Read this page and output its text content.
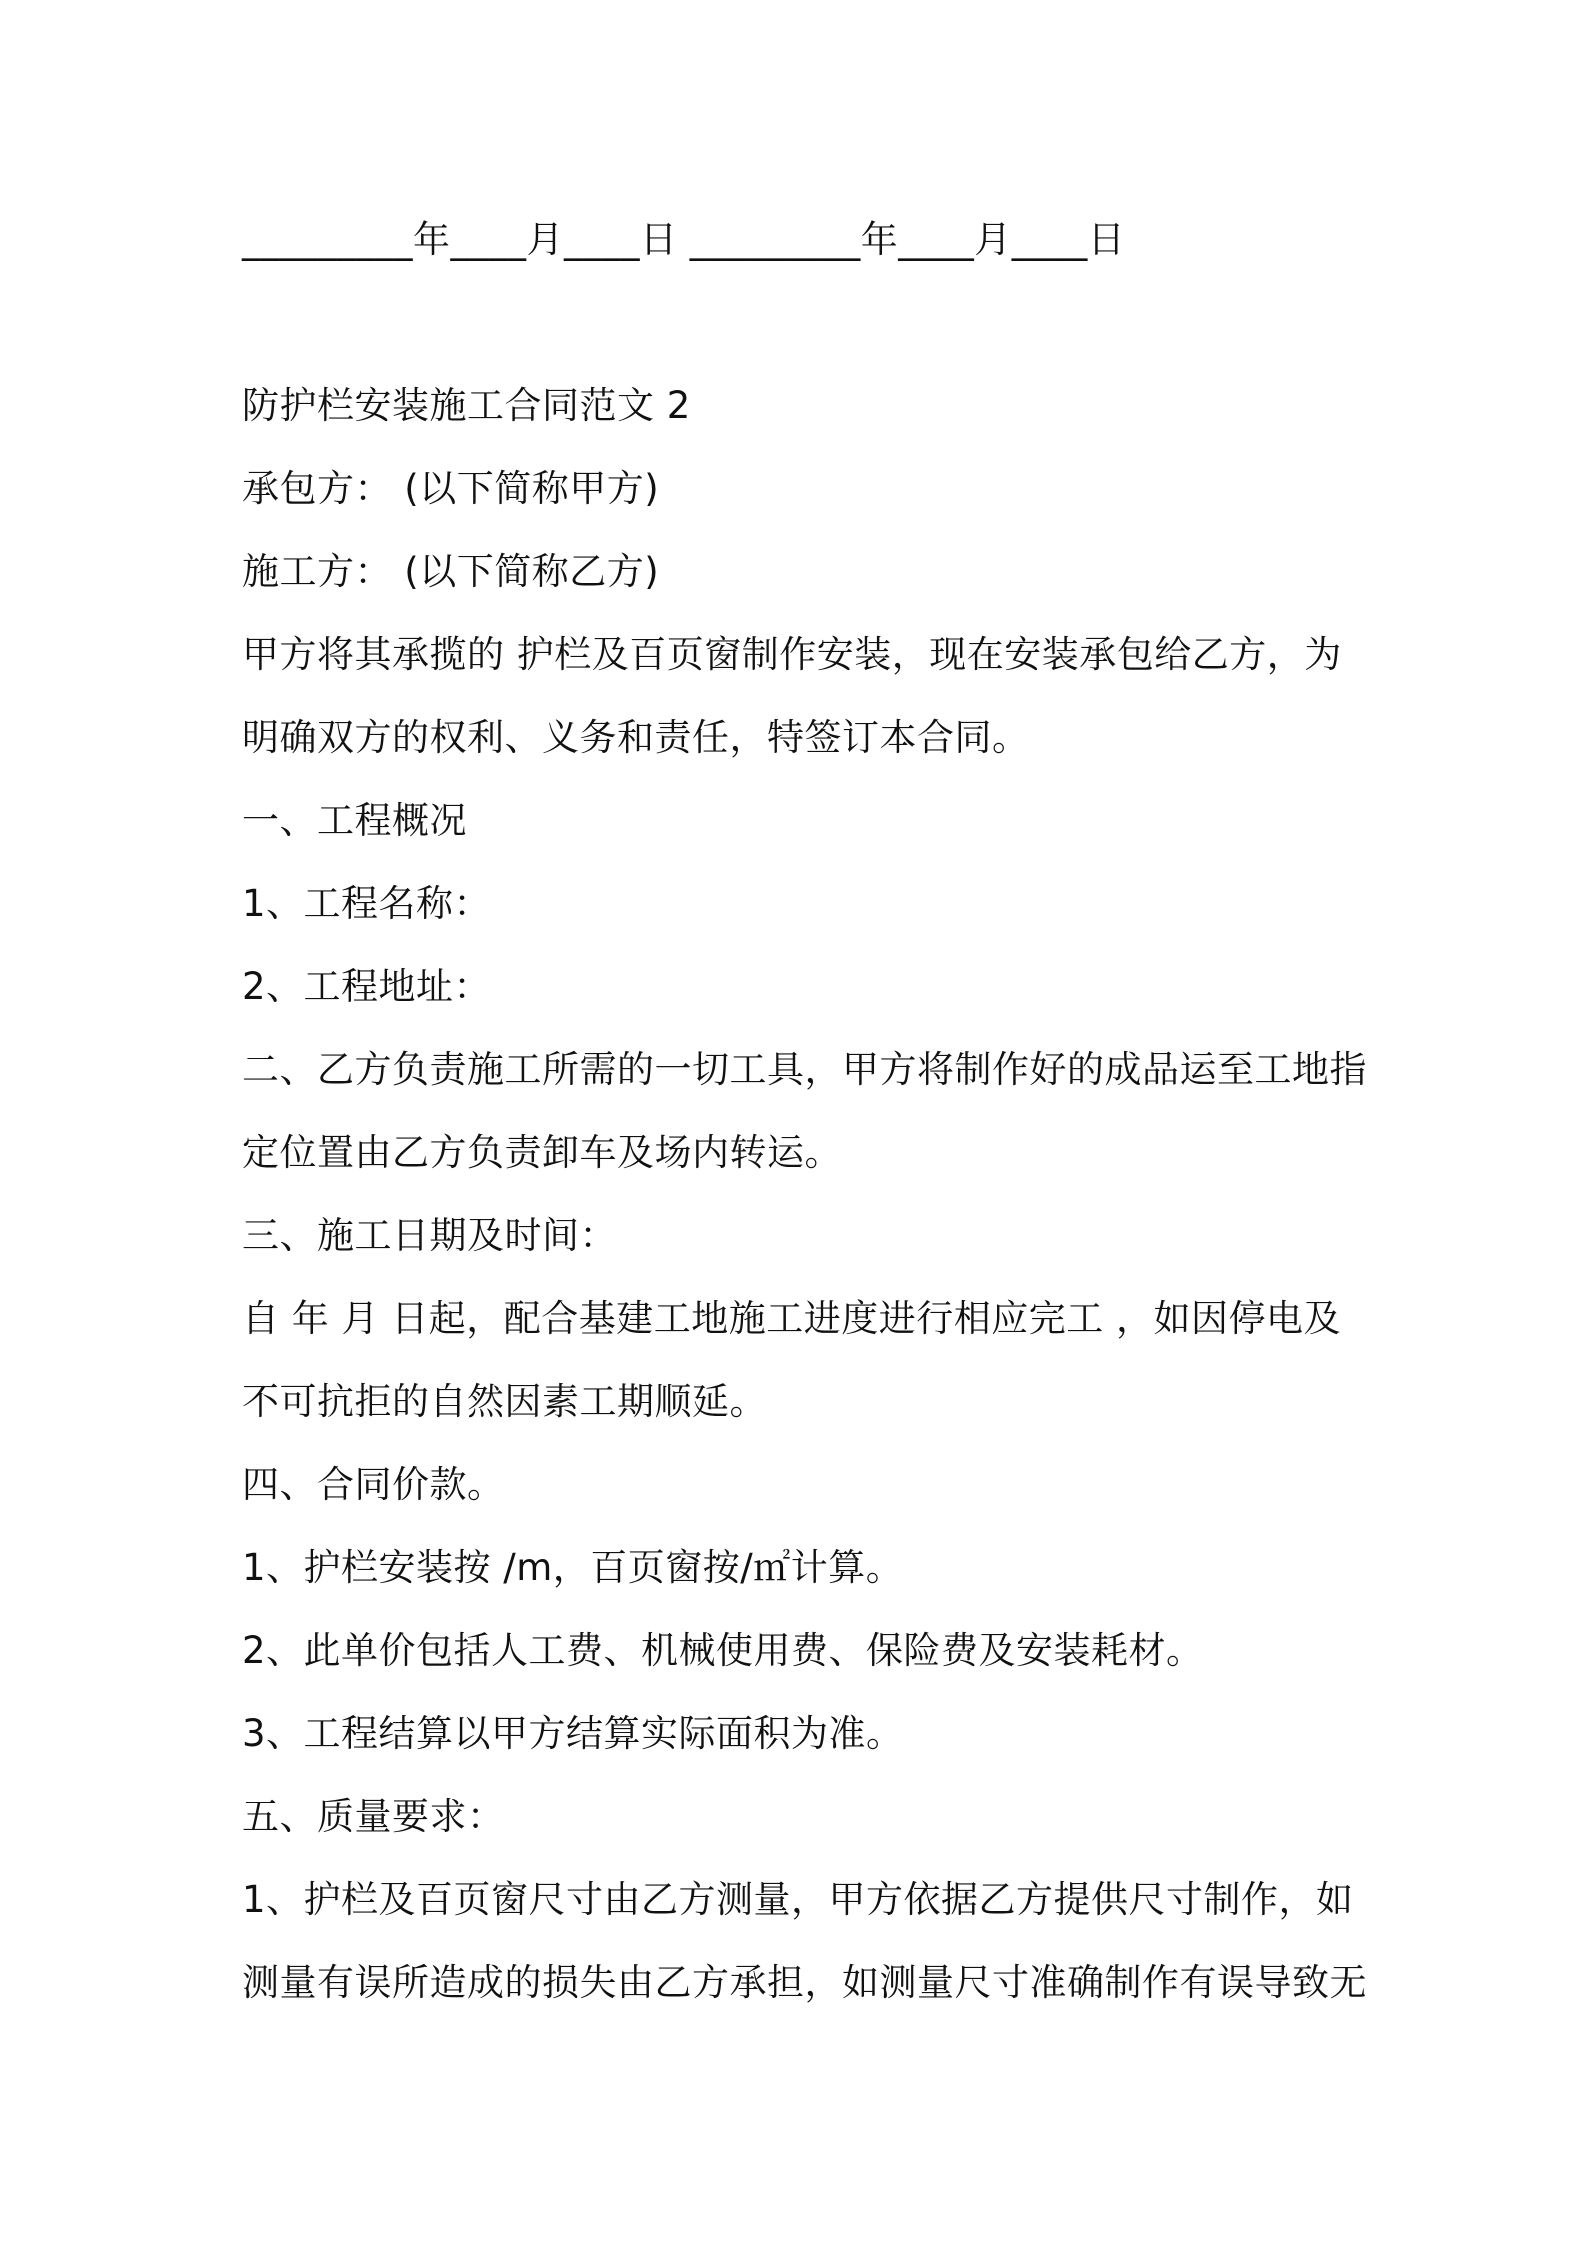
_________年____月____日 _________年____月____日
防护栏安装施工合同范文 2
承包方： (以下简称甲方)
施工方： (以下简称乙方)
甲方将其承揽的 护栏及百页窗制作安装，现在安装承包给乙方，为
明确双方的权利、义务和责任，特签订本合同。
一、工程概况
1、工程名称：
2、工程地址：
二、乙方负责施工所需的一切工具，甲方将制作好的成品运至工地指
定位置由乙方负责卸车及场内转运。
三、施工日期及时间：
自 年 月 日起，配合基建工地施工进度进行相应完工 ，如因停电及
不可抗拒的自然因素工期顺延。
四、合同价款。
1、护栏安装按 /m，百页窗按/㎡计算。
2、此单价包括人工费、机械使用费、保险费及安装耗材。
3、工程结算以甲方结算实际面积为准。
五、质量要求：
1、护栏及百页窗尺寸由乙方测量，甲方依据乙方提供尺寸制作，如
测量有误所造成的损失由乙方承担，如测量尺寸准确制作有误导致无
